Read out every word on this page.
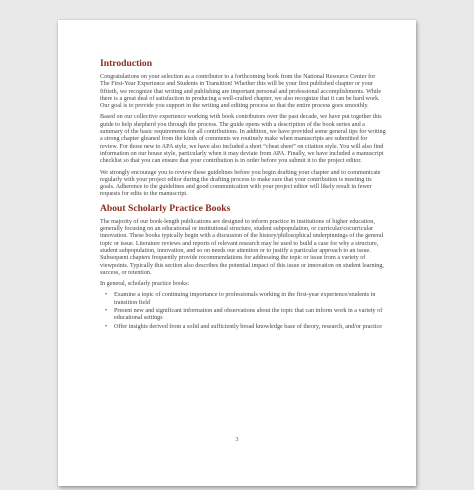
Introduction

Congratulations on your selection as a contributor to a forthcoming book from the National Resource Center for The First-Year Experience and Students in Transition! Whether this will be your first published chapter or your fiftieth, we recognize that writing and publishing are important personal and professional accomplishments. While there is a great deal of satisfaction in producing a well-crafted chapter, we also recognize that it can be hard work. Our goal is to provide you support in the writing and editing process so that the entire process goes smoothly.

Based on our collective experience working with book contributors over the past decade, we have put together this guide to help shepherd you through the process. The guide opens with a description of the book series and a summary of the basic requirements for all contributions. In addition, we have provided some general tips for writing a strong chapter gleaned from the kinds of comments we routinely make when manuscripts are submitted for review. For those new to APA style, we have also included a short “cheat sheet” on citation style. You will also find information on our house style, particularly when it may deviate from APA. Finally, we have included a manuscript checklist so that you can ensure that your contribution is in order before you submit it to the project editor.

We strongly encourage you to review these guidelines before you begin drafting your chapter and to communicate regularly with your project editor during the drafting process to make sure that your contribution is meeting its goals. Adherence to the guidelines and good communication with your project editor will likely result in fewer requests for edits to the manuscript.

About Scholarly Practice Books

The majority of our book-length publications are designed to inform practice in institutions of higher education, generally focusing on an educational or institutional structure, student subpopulation, or curricular/cocurricular innovation. These books typically begin with a discussion of the history/philosophical underpinnings of the general topic or issue. Literature reviews and reports of relevant research may be used to build a case for why a structure, student subpopulation, innovation, and so on needs our attention or to justify a particular approach to an issue. Subsequent chapters frequently provide recommendations for addressing the topic or issue from a variety of viewpoints. Typically this section also describes the potential impact of this issue or innovation on student learning, success, or retention.

In general, scholarly practice books:

• Examine a topic of continuing importance to professionals working in the first-year experience/students in transition field
• Present new and significant information and observations about the topic that can inform work in a variety of educational settings
• Offer insights derived from a solid and sufficiently broad knowledge base of theory, research, and/or practice
3
